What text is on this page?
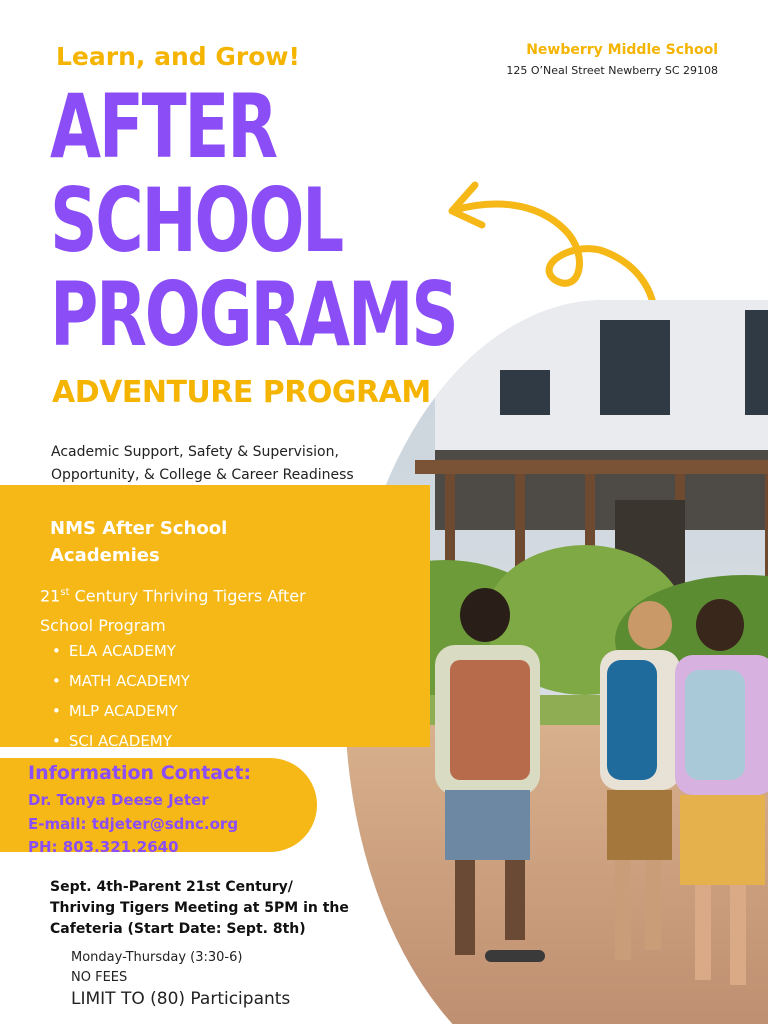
Learn, and Grow!	Newberry Middle School
125 O’Neal Street Newberry SC 29108
AFTER
SCHOOL
PROGRAMS
ADVENTURE PROGRAM
Academic Support, Safety & Supervision, Opportunity, & College & Career Readiness
NMS After School Academies
21st Century Thriving Tigers After School Program
• ELA ACADEMY
• MATH ACADEMY
• MLP ACADEMY
• SCI ACADEMY
Information Contact:
Dr. Tonya Deese Jeter
E-mail: tdjeter@sdnc.org
PH: 803.321.2640
Sept. 4th-Parent 21st Century/ Thriving Tigers Meeting at 5PM in the Cafeteria (Start Date: Sept. 8th)
Monday-Thursday (3:30-6)
NO FEES
LIMIT TO (80) Participants
